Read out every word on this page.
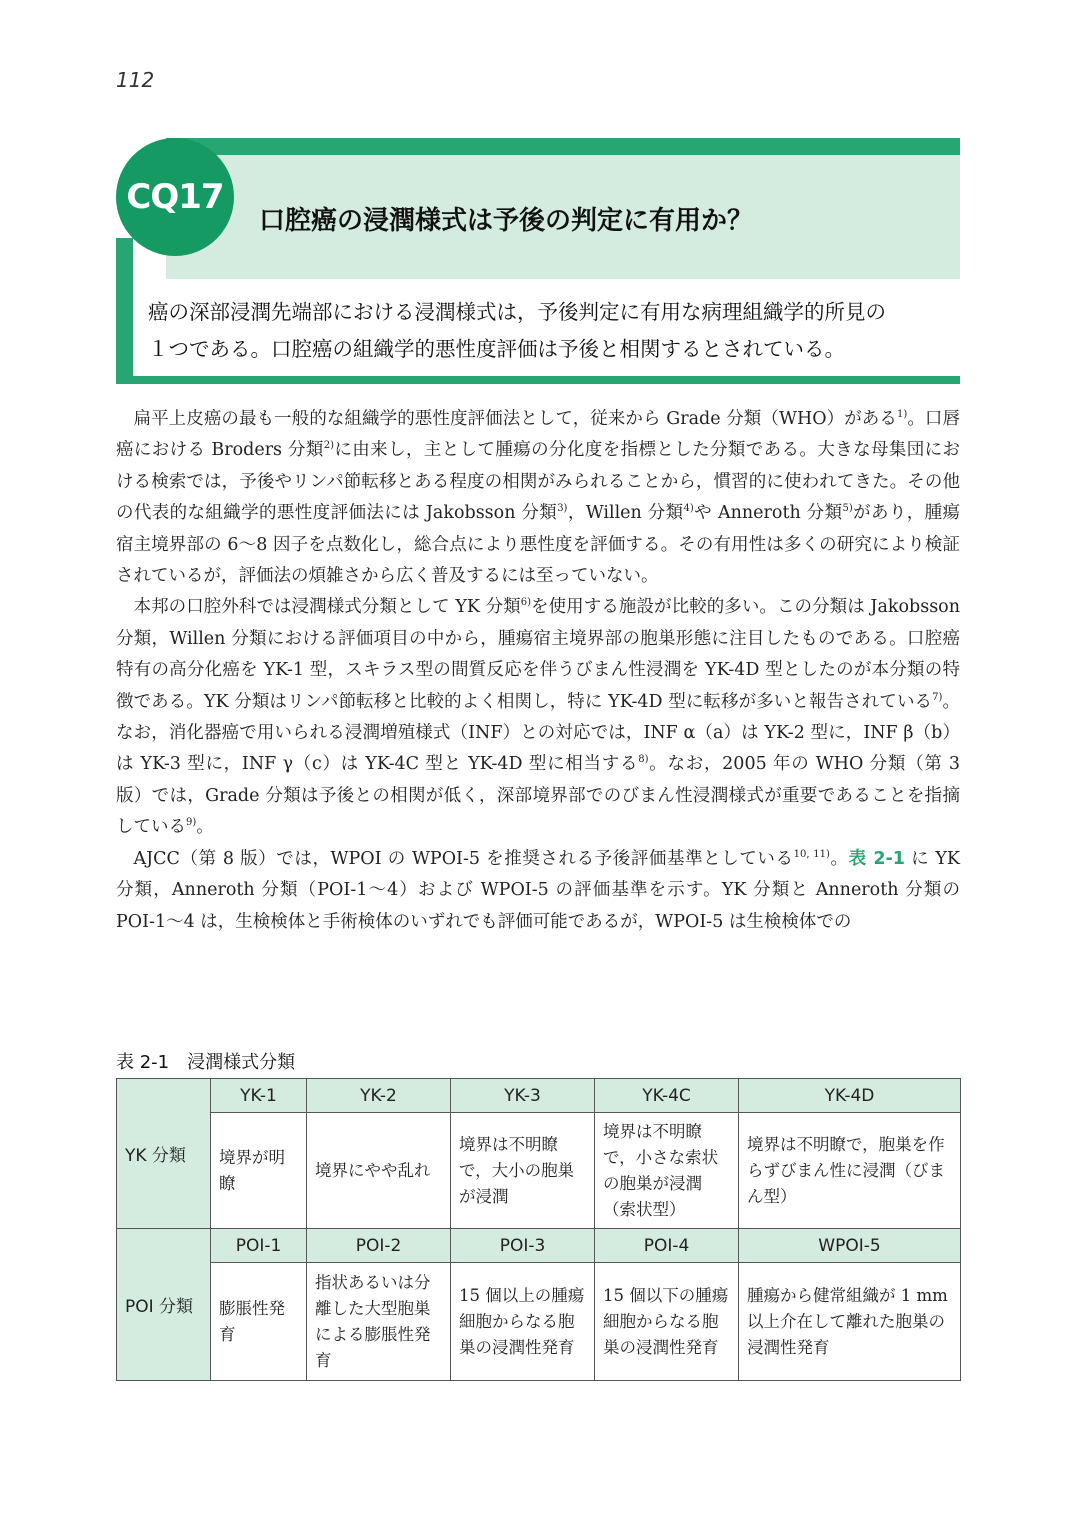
112
CQ17
口腔癌の浸潤様式は予後の判定に有用か？
癌の深部浸潤先端部における浸潤様式は，予後判定に有用な病理組織学的所見の
１つである。口腔癌の組織学的悪性度評価は予後と相関するとされている。

扁平上皮癌の最も一般的な組織学的悪性度評価法として，従来から Grade 分類（WHO）がある$^{1)}$。口唇癌における Broders 分類$^{2)}$に由来し，主として腫瘍の分化度を指標とした分類である。大きな母集団における検索では，予後やリンパ節転移とある程度の相関がみられることから，慣習的に使われてきた。その他の代表的な組織学的悪性度評価法には Jakobsson 分類$^{3)}$，Willen 分類$^{4)}$や Anneroth 分類$^{5)}$があり，腫瘍宿主境界部の 6～8 因子を点数化し，総合点により悪性度を評価する。その有用性は多くの研究により検証されているが，評価法の煩雑さから広く普及するには至っていない。

本邦の口腔外科では浸潤様式分類として YK 分類$^{6)}$を使用する施設が比較的多い。この分類は Jakobsson 分類，Willen 分類における評価項目の中から，腫瘍宿主境界部の胞巣形態に注目したものである。口腔癌特有の高分化癌を YK-1 型，スキラス型の間質反応を伴うびまん性浸潤を YK-4D 型としたのが本分類の特徴である。YK 分類はリンパ節転移と比較的よく相関し，特に YK-4D 型に転移が多いと報告されている$^{7)}$。なお，消化器癌で用いられる浸潤増殖様式（INF）との対応では，INF α（a）は YK-2 型に，INF β（b）は YK-3 型に，INF γ（c）は YK-4C 型と YK-4D 型に相当する$^{8)}$。なお，2005 年の WHO 分類（第 3 版）では，Grade 分類は予後との相関が低く，深部境界部でのびまん性浸潤様式が重要であることを指摘している$^{9)}$。

AJCC（第 8 版）では，WPOI の WPOI-5 を推奨される予後評価基準としている$^{10, 11)}$。表 2-1 に YK 分類，Anneroth 分類（POI-1～4）および WPOI-5 の評価基準を示す。YK 分類と Anneroth 分類の POI-1～4 は，生検検体と手術検体のいずれでも評価可能であるが，WPOI-5 は生検検体での

表 2-1　浸潤様式分類
YK 分類	YK-1	YK-2	YK-3	YK-4C	YK-4D
	境界が明瞭	境界にやや乱れ	境界は不明瞭で，大小の胞巣が浸潤	境界は不明瞭で，小さな索状の胞巣が浸潤（索状型）	境界は不明瞭で，胞巣を作らずびまん性に浸潤（びまん型）
POI 分類	POI-1	POI-2	POI-3	POI-4	WPOI-5
	膨脹性発育	指状あるいは分離した大型胞巣による膨脹性発育	15 個以上の腫瘍細胞からなる胞巣の浸潤性発育	15 個以下の腫瘍細胞からなる胞巣の浸潤性発育	腫瘍から健常組織が 1 mm 以上介在して離れた胞巣の浸潤性発育
